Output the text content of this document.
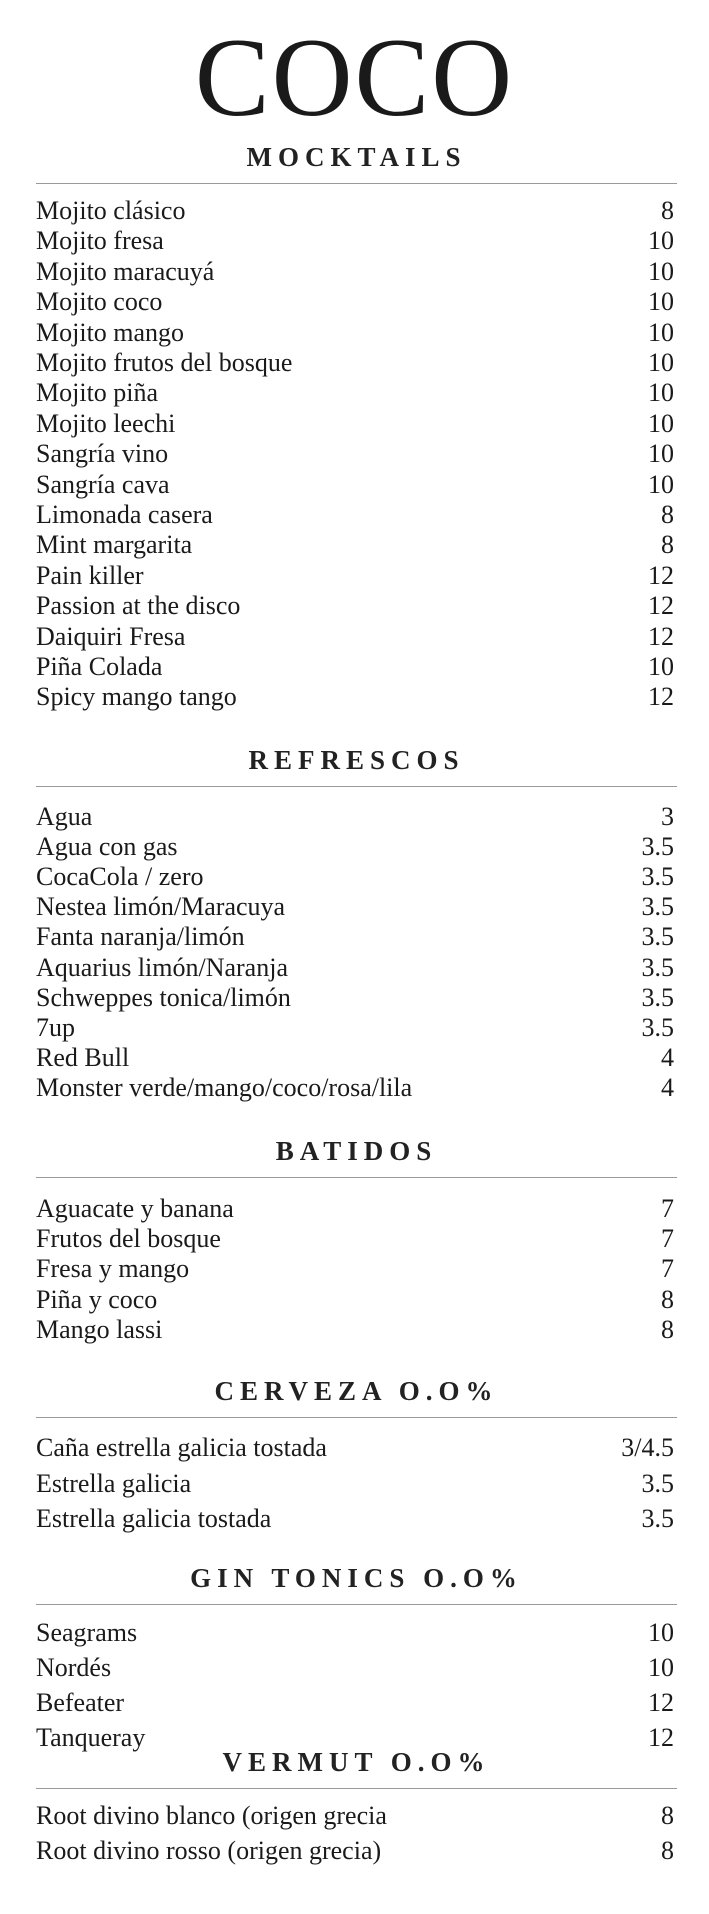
COCO
MOCKTAILS
Mojito clásico	8
Mojito fresa	10
Mojito maracuyá	10
Mojito coco	10
Mojito mango	10
Mojito frutos del bosque	10
Mojito piña	10
Mojito leechi	10
Sangría vino	10
Sangría cava	10
Limonada casera	8
Mint margarita	8
Pain killer	12
Passion at the disco	12
Daiquiri Fresa	12
Piña Colada	10
Spicy mango tango	12
REFRESCOS
Agua	3
Agua con gas	3.5
CocaCola / zero	3.5
Nestea limón/Maracuya	3.5
Fanta naranja/limón	3.5
Aquarius limón/Naranja	3.5
Schweppes tonica/limón	3.5
7up	3.5
Red Bull	4
Monster verde/mango/coco/rosa/lila	4
BATIDOS
Aguacate y banana	7
Frutos del bosque	7
Fresa y mango	7
Piña y coco	8
Mango lassi	8
CERVEZA O.O%
Caña estrella galicia tostada	3/4.5
Estrella galicia	3.5
Estrella galicia tostada	3.5
GIN TONICS O.O%
Seagrams	10
Nordés	10
Befeater	12
Tanqueray	12
VERMUT O.O%
Root divino blanco (origen grecia	8
Root divino rosso (origen grecia)	8
